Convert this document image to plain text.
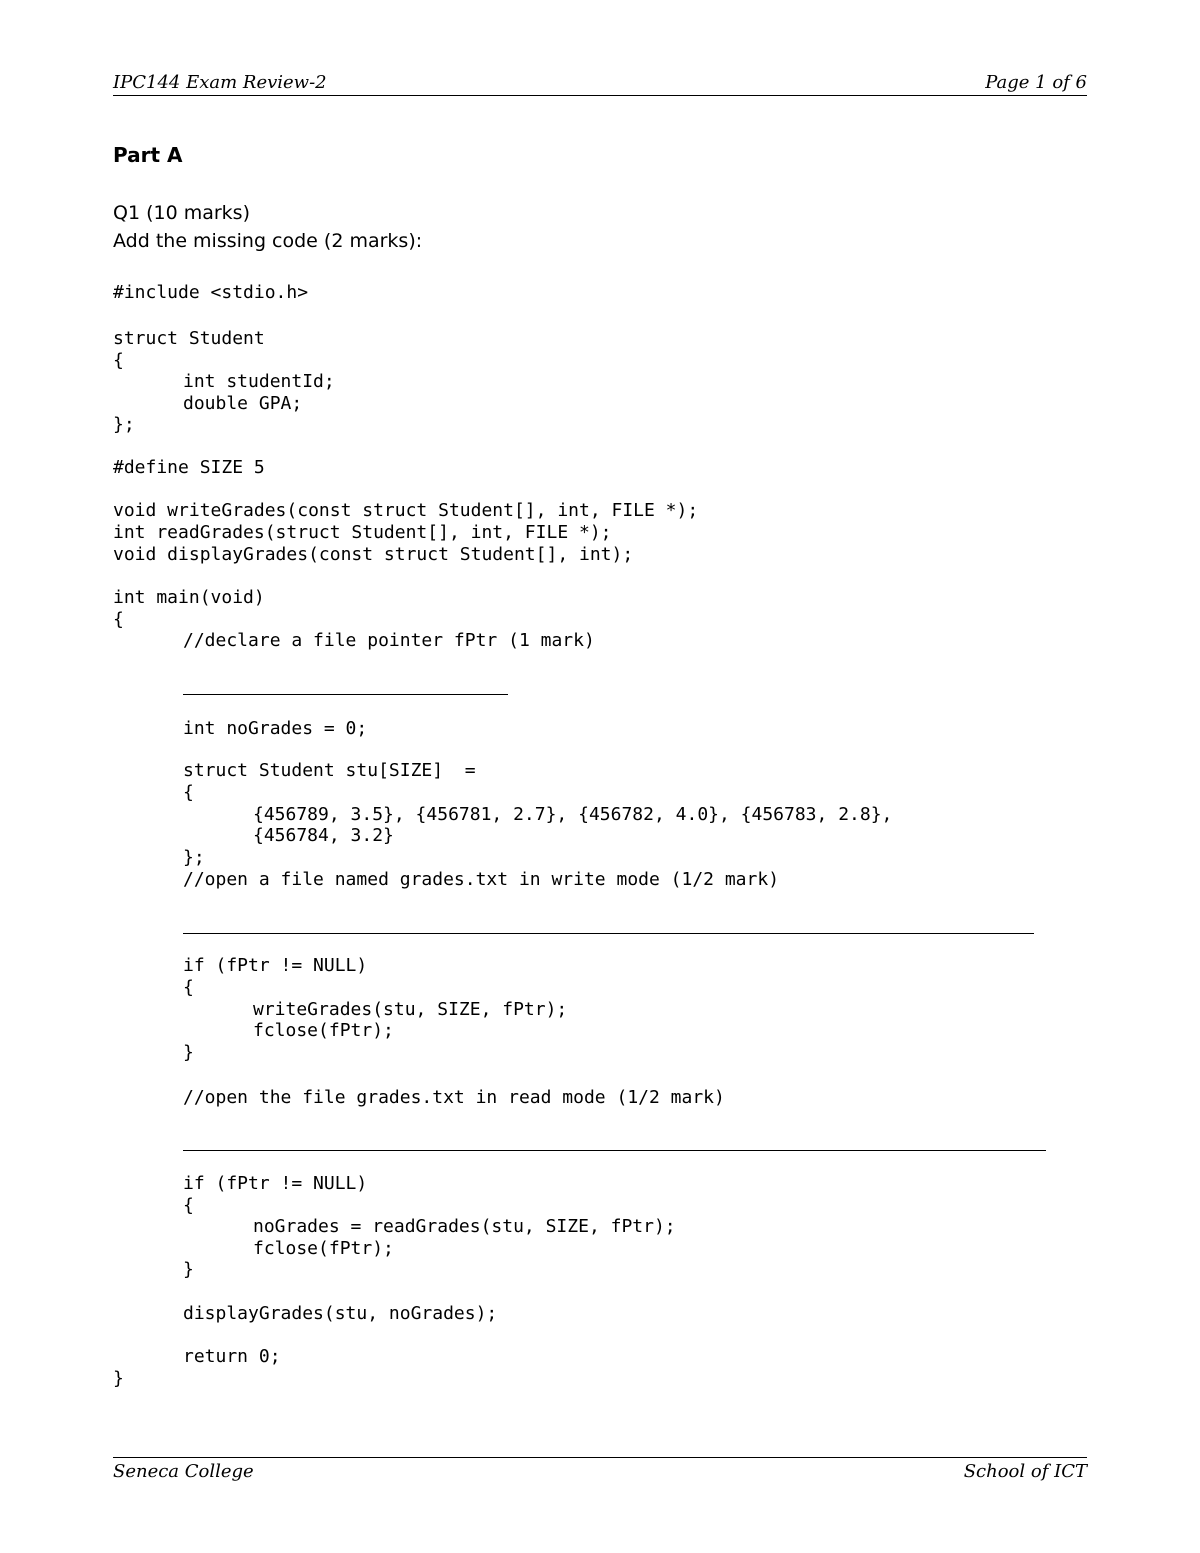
IPC144 Exam Review-2	Page 1 of 6
Part A
Q1 (10 marks)
Add the missing code (2 marks):
#include <stdio.h>
struct Student
{
int studentId;
double GPA;
};
#define SIZE 5
void writeGrades(const struct Student[], int, FILE *);
int readGrades(struct Student[], int, FILE *);
void displayGrades(const struct Student[], int);
int main(void)
{
//declare a file pointer fPtr (1 mark)
int noGrades = 0;
struct Student stu[SIZE]  =
{
{456789, 3.5}, {456781, 2.7}, {456782, 4.0}, {456783, 2.8},
{456784, 3.2}
};
//open a file named grades.txt in write mode (1/2 mark)
if (fPtr != NULL)
{
writeGrades(stu, SIZE, fPtr);
fclose(fPtr);
}
//open the file grades.txt in read mode (1/2 mark)
if (fPtr != NULL)
{
noGrades = readGrades(stu, SIZE, fPtr);
fclose(fPtr);
}
displayGrades(stu, noGrades);
return 0;
}
Seneca College	School of ICT
